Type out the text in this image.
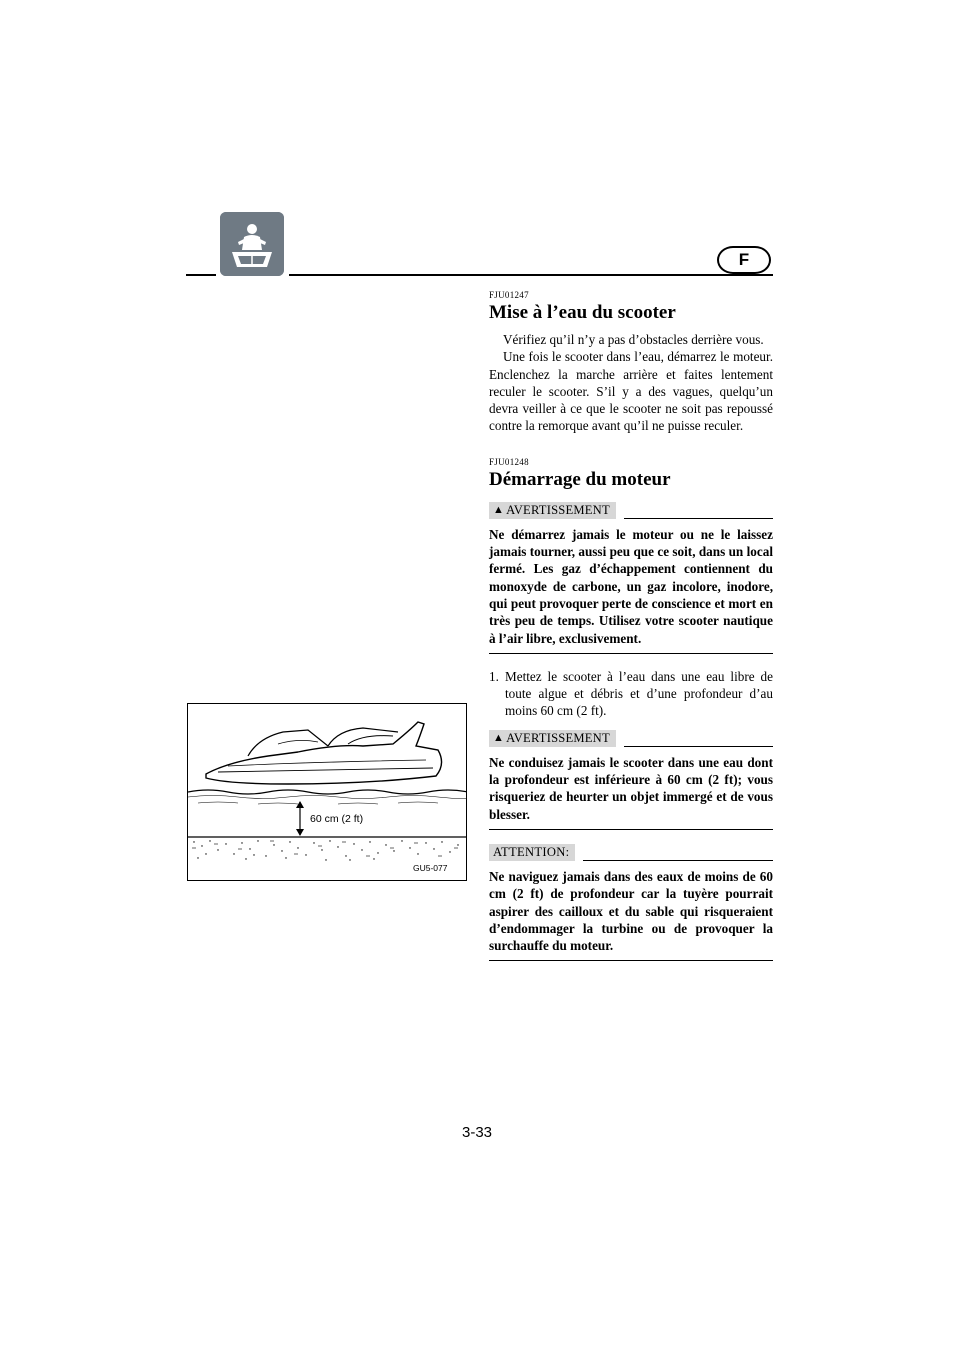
F
60 cm (2 ft)
GU5-077
FJU01247
Mise à l’eau du scooter

Vérifiez qu’il n’y a pas d’obstacles derrière vous.

Une fois le scooter dans l’eau, démarrez le moteur. Enclenchez la marche arrière et faites lentement reculer le scooter. S’il y a des vagues, quelqu’un devra veiller à ce que le scooter ne soit pas repoussé contre la remorque avant qu’il ne puisse reculer.

FJU01248
Démarrage du moteur
▲ AVERTISSEMENT

Ne démarrez jamais le moteur ou ne le laissez jamais tourner, aussi peu que ce soit, dans un local fermé. Les gaz d’échappement contiennent du monoxyde de carbone, un gaz incolore, inodore, qui peut provoquer perte de conscience et mort en très peu de temps. Utilisez votre scooter nautique à l’air libre, exclusivement.

1. Mettez le scooter à l’eau dans une eau libre de toute algue et débris et d’une profondeur d’au moins 60 cm (2 ft).

▲ AVERTISSEMENT

Ne conduisez jamais le scooter dans une eau dont la profondeur est inférieure à 60 cm (2 ft); vous risqueriez de heurter un objet immergé et de vous blesser.

ATTENTION:

Ne naviguez jamais dans des eaux de moins de 60 cm (2 ft) de profondeur car la tuyère pourrait aspirer des cailloux et du sable qui risqueraient d’endommager la turbine ou de provoquer la surchauffe du moteur.

3-33
